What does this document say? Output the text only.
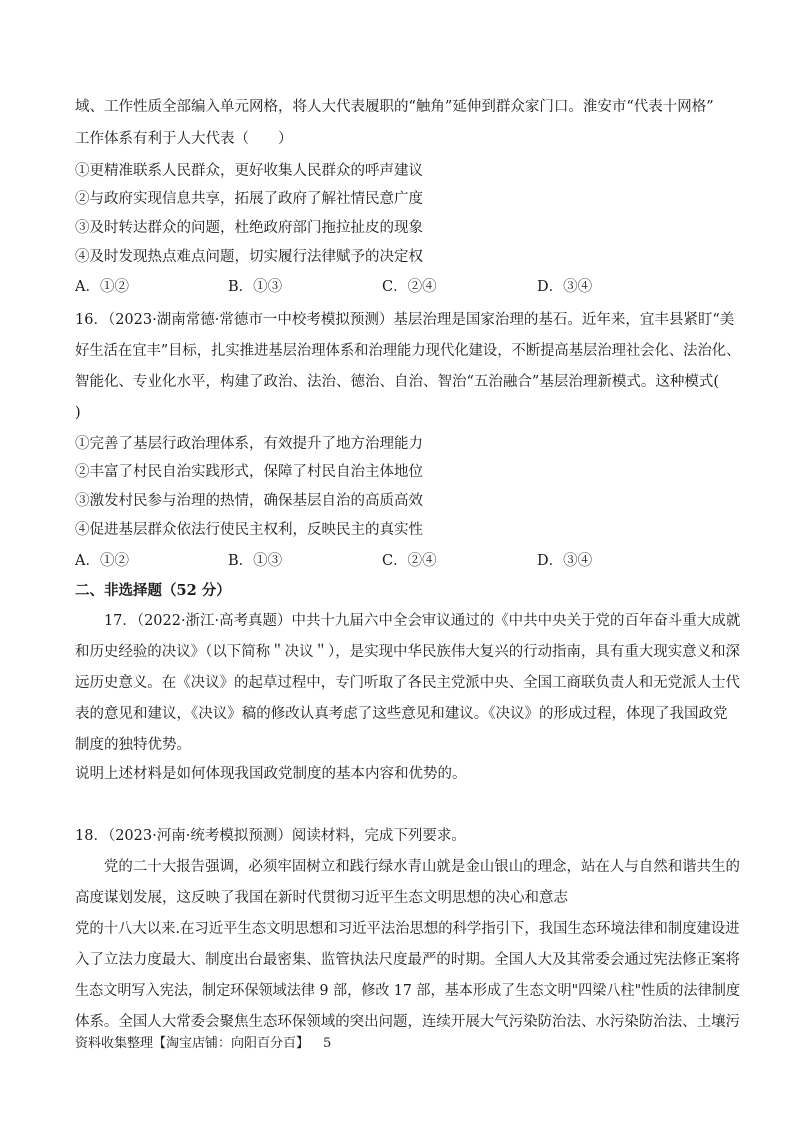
域、工作性质全部编入单元网格，将人大代表履职的“触角”延伸到群众家门口。淮安市“代表十网格”
工作体系有利于人大代表（　　）
①更精准联系人民群众，更好收集人民群众的呼声建议
②与政府实现信息共享，拓展了政府了解社情民意广度
③及时转达群众的问题，杜绝政府部门拖拉扯皮的现象
④及时发现热点难点问题，切实履行法律赋予的决定权
A．①②	B．①③	C．②④	D．③④
16．（2023·湖南常德·常德市一中校考模拟预测）基层治理是国家治理的基石。近年来，宜丰县紧盯“美
好生活在宜丰”目标，扎实推进基层治理体系和治理能力现代化建设，不断提高基层治理社会化、法治化、
智能化、专业化水平，构建了政治、法治、德治、自治、智治“五治融合”基层治理新模式。这种模式(
)
①完善了基层行政治理体系，有效提升了地方治理能力
②丰富了村民自治实践形式，保障了村民自治主体地位
③激发村民参与治理的热情，确保基层自治的高质高效
④促进基层群众依法行使民主权利，反映民主的真实性
A．①②	B．①③	C．②④	D．③④
二、非选择题（52 分）
　　17．（2022·浙江·高考真题）中共十九届六中全会审议通过的《中共中央关于党的百年奋斗重大成就
和历史经验的决议》（以下简称＂决议＂），是实现中华民族伟大复兴的行动指南，具有重大现实意义和深
远历史意义。在《决议》的起草过程中，专门听取了各民主党派中央、全国工商联负责人和无党派人士代
表的意见和建议，《决议》稿的修改认真考虑了这些意见和建议。《决议》的形成过程，体现了我国政党
制度的独特优势。
说明上述材料是如何体现我国政党制度的基本内容和优势的。
18．（2023·河南·统考模拟预测）阅读材料，完成下列要求。
　　党的二十大报告强调，必须牢固树立和践行绿水青山就是金山银山的理念，站在人与自然和谐共生的
高度谋划发展，这反映了我国在新时代贯彻习近平生态文明思想的决心和意志
党的十八大以来.在习近平生态文明思想和习近平法治思想的科学指引下，我国生态环境法律和制度建设进
入了立法力度最大、制度出台最密集、监管执法尺度最严的时期。全国人大及其常委会通过宪法修正案将
生态文明写入宪法，制定环保领域法律 9 部，修改 17 部，基本形成了生态文明"四梁八柱"性质的法律制度
体系。全国人大常委会聚焦生态环保领域的突出问题，连续开展大气污染防治法、水污染防治法、土壤污
资料收集整理【淘宝店铺：向阳百分百】 5
